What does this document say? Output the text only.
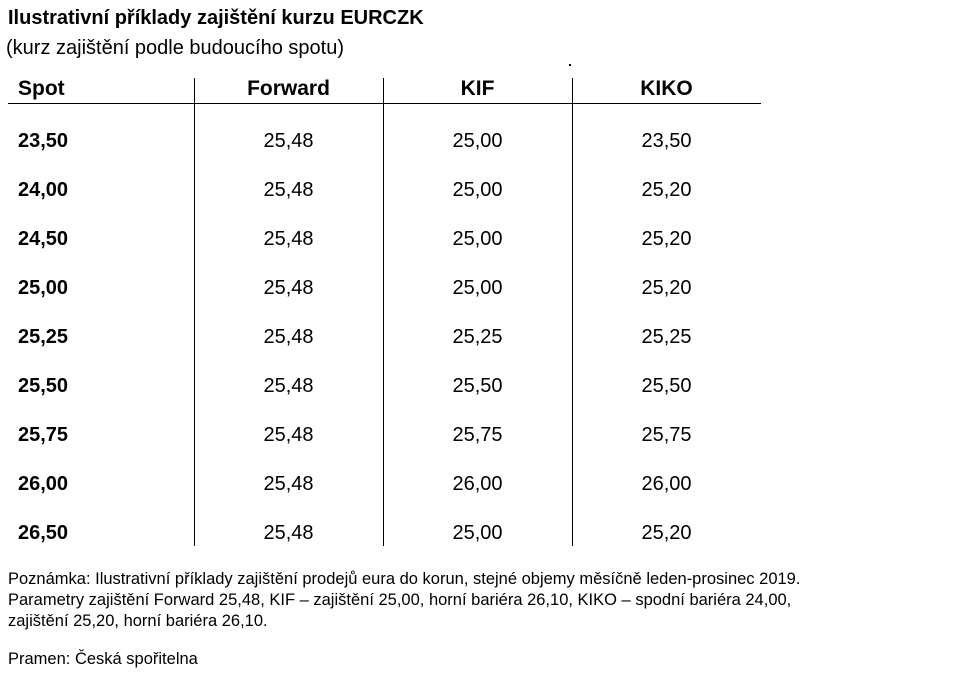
Ilustrativní příklady zajištění kurzu EURCZK
(kurz zajištění podle budoucího spotu)
Spot	Forward	KIF	KIKO
23,50	25,48	25,00	23,50
24,00	25,48	25,00	25,20
24,50	25,48	25,00	25,20
25,00	25,48	25,00	25,20
25,25	25,48	25,25	25,25
25,50	25,48	25,50	25,50
25,75	25,48	25,75	25,75
26,00	25,48	26,00	26,00
26,50	25,48	25,00	25,20
Poznámka: Ilustrativní příklady zajištění prodejů eura do korun, stejné objemy měsíčně leden-prosinec 2019.
Parametry zajištění Forward 25,48, KIF – zajištění 25,00, horní bariéra 26,10, KIKO – spodní bariéra 24,00,
zajištění 25,20, horní bariéra 26,10.
Pramen: Česká spořitelna
